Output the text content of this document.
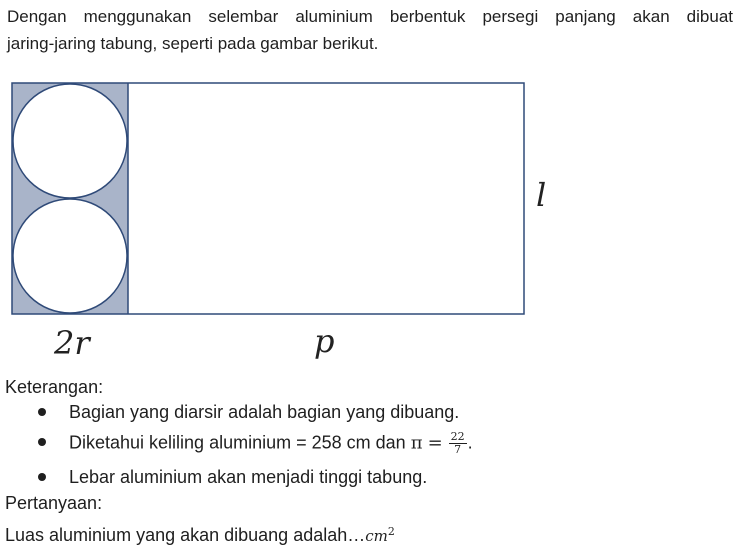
Dengan menggunakan selembar aluminium berbentuk persegi panjang akan dibuat
jaring-jaring tabung, seperti pada gambar berikut.
2r	p
l
Keterangan:
Bagian yang diarsir adalah bagian yang dibuang.
Diketahui keliling aluminium = 258 cm dan $\pi = \frac{22}{7}$ .
Lebar aluminium akan menjadi tinggi tabung.
Pertanyaan:
Luas aluminium yang akan dibuang $adalah\dots cm^2$
